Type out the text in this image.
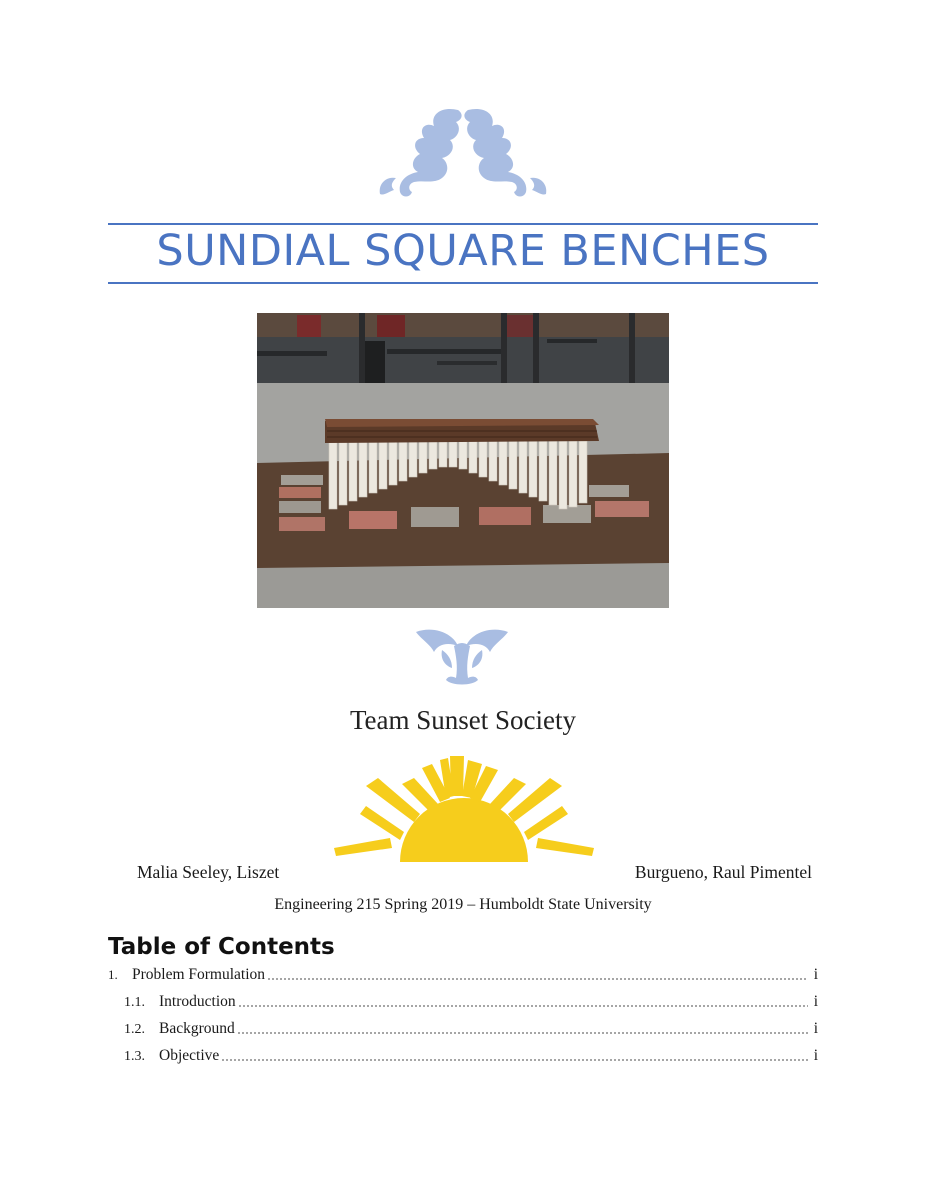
SUNDIAL SQUARE BENCHES
Team Sunset Society
Malia Seeley, Liszet	Burgueno, Raul Pimentel
Engineering 215 Spring 2019 – Humboldt State University
Table of Contents
1. Problem Formulation	i
1.1. Introduction	i
1.2. Background	i
1.3. Objective	i
